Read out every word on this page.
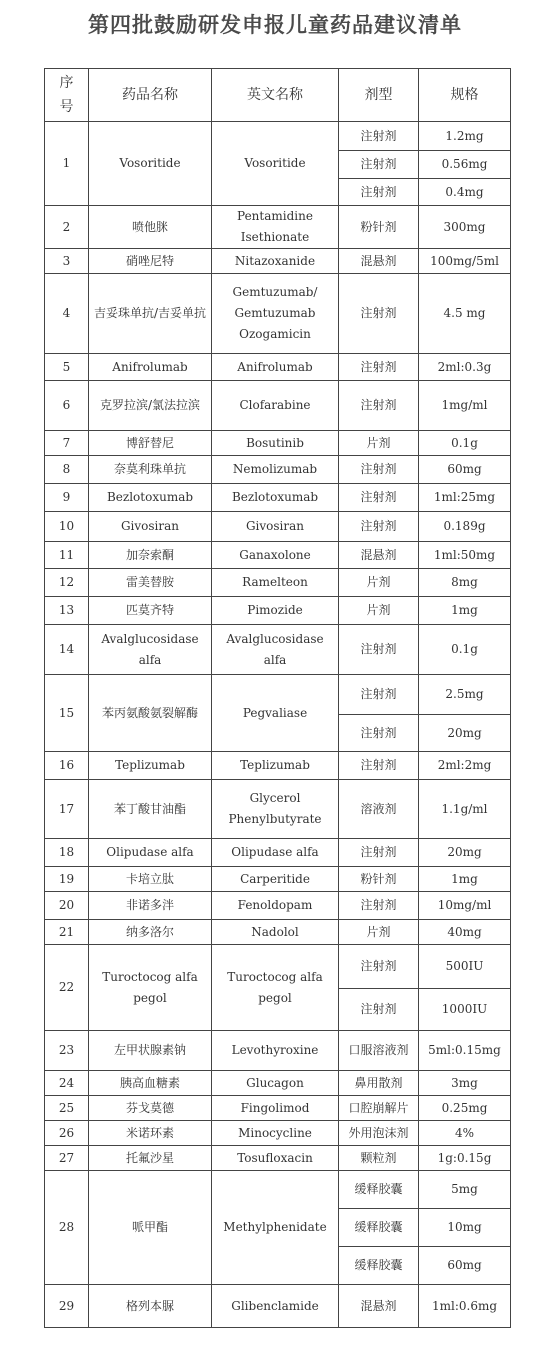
第四批鼓励研发申报儿童药品建议清单
序号	药品名称	英文名称	剂型	规格
1	Vosoritide	Vosoritide	注射剂	1.2mg
			注射剂	0.56mg
			注射剂	0.4mg
2	喷他脒	Pentamidine Isethionate	粉针剂	300mg
3	硝唑尼特	Nitazoxanide	混悬剂	100mg/5ml
4	吉妥珠单抗/吉妥单抗	Gemtuzumab/ Gemtuzumab Ozogamicin	注射剂	4.5 mg
5	Anifrolumab	Anifrolumab	注射剂	2ml:0.3g
6	克罗拉滨/氯法拉滨	Clofarabine	注射剂	1mg/ml
7	博舒替尼	Bosutinib	片剂	0.1g
8	奈莫利珠单抗	Nemolizumab	注射剂	60mg
9	Bezlotoxumab	Bezlotoxumab	注射剂	1ml:25mg
10	Givosiran	Givosiran	注射剂	0.189g
11	加奈索酮	Ganaxolone	混悬剂	1ml:50mg
12	雷美替胺	Ramelteon	片剂	8mg
13	匹莫齐特	Pimozide	片剂	1mg
14	Avalglucosidase alfa	Avalglucosidase alfa	注射剂	0.1g
15	苯丙氨酸氨裂解酶	Pegvaliase	注射剂	2.5mg
			注射剂	20mg
16	Teplizumab	Teplizumab	注射剂	2ml:2mg
17	苯丁酸甘油酯	Glycerol Phenylbutyrate	溶液剂	1.1g/ml
18	Olipudase alfa	Olipudase alfa	注射剂	20mg
19	卡培立肽	Carperitide	粉针剂	1mg
20	非诺多泮	Fenoldopam	注射剂	10mg/ml
21	纳多洛尔	Nadolol	片剂	40mg
22	Turoctocog alfa pegol	Turoctocog alfa pegol	注射剂	500IU
			注射剂	1000IU
23	左甲状腺素钠	Levothyroxine	口服溶液剂	5ml:0.15mg
24	胰高血糖素	Glucagon	鼻用散剂	3mg
25	芬戈莫德	Fingolimod	口腔崩解片	0.25mg
26	米诺环素	Minocycline	外用泡沫剂	4%
27	托氟沙星	Tosufloxacin	颗粒剂	1g:0.15g
28	哌甲酯	Methylphenidate	缓释胶囊	5mg
			缓释胶囊	10mg
			缓释胶囊	60mg
29	格列本脲	Glibenclamide	混悬剂	1ml:0.6mg
